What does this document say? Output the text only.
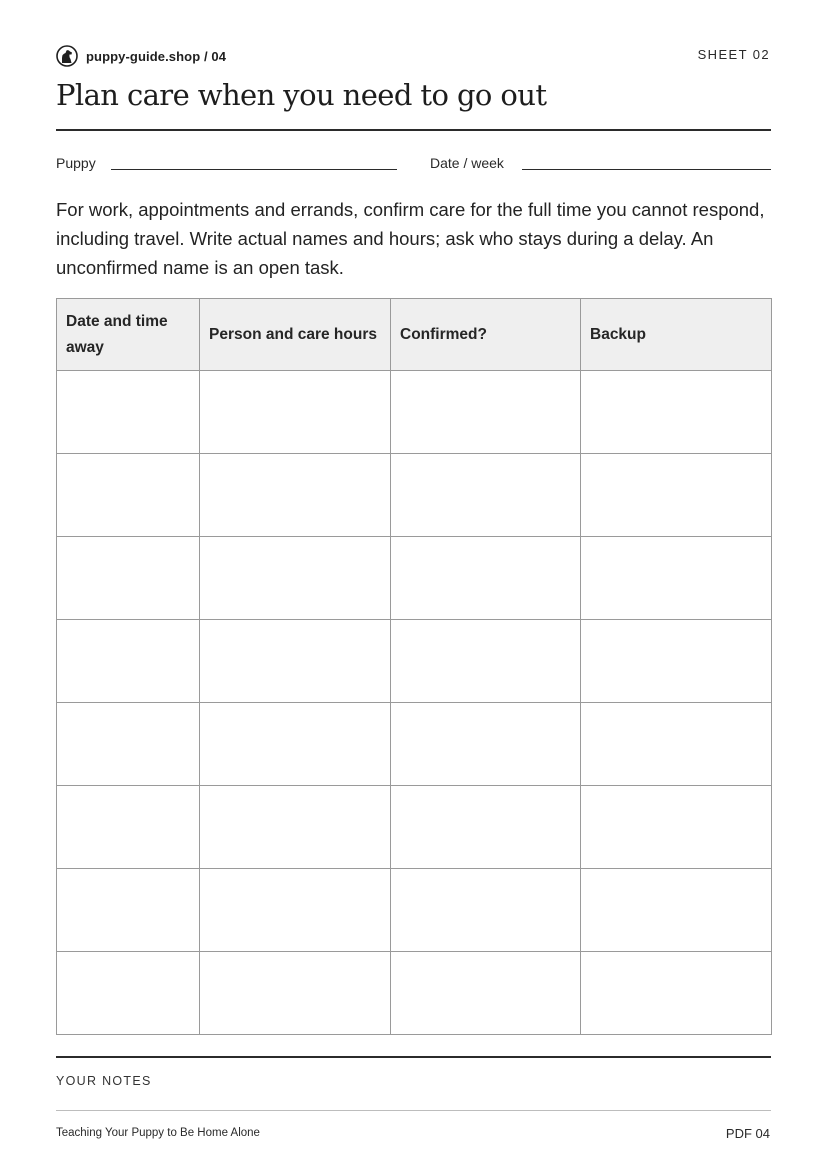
puppy-guide.shop / 04	SHEET 02
Plan care when you need to go out
Puppy	Date / week

For work, appointments and errands, confirm care for the full time you cannot respond, including travel. Write actual names and hours; ask who stays during a delay. An unconfirmed name is an open task.

Date and time away	Person and care hours	Confirmed?	Backup

YOUR NOTES
Teaching Your Puppy to Be Home Alone	PDF 04
